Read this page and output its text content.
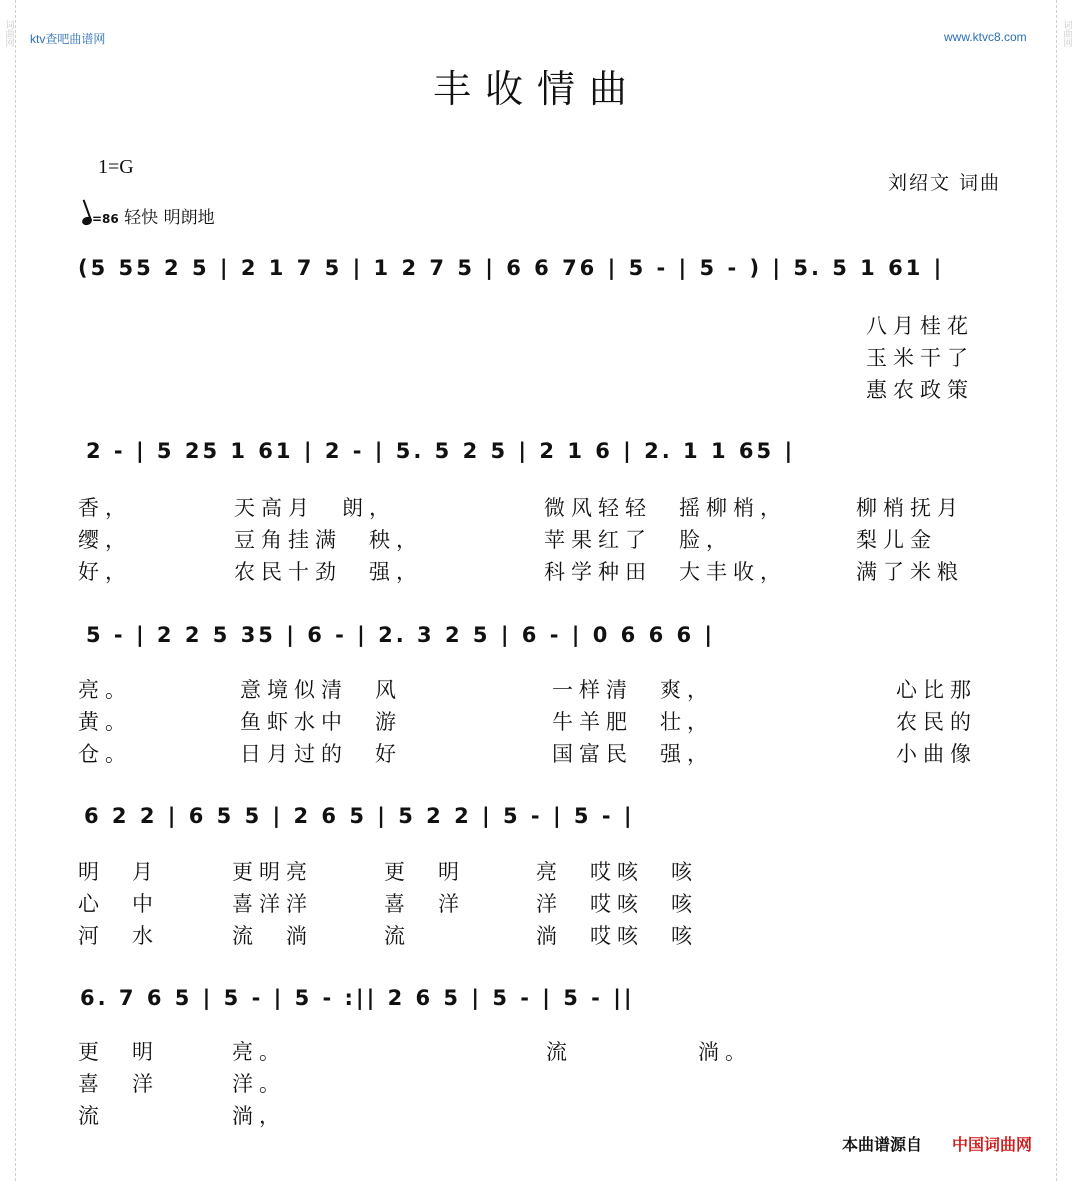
词曲网	词曲网
ktv查吧曲谱网	www.ktvc8.com
丰收情曲
1=G
=86 轻快 明朗地
刘绍文 词曲
(5 55 2 5 | 2 1 7 5 | 1 2 7 5 | 6 6 76 | 5 - | 5 - ) | 5. 5 1 61 |
八月桂花
玉米干了
惠农政策
2 - | 5 25 1 61 | 2 - | 5. 5 2 5 | 2 1 6 | 2. 1 1 65 |
香，	天高月　朗，	微风轻轻　摇柳梢，	柳梢抚月
缨，	豆角挂满　秧，	苹果红了　脸，	梨儿金
好，	农民十劲　强，	科学种田　大丰收，	满了米粮
5 - | 2 2 5 35 | 6 - | 2. 3 2 5 | 6 - | 0 6 6 6 |
亮。	意境似清　风	一样清　爽，	心比那
黄。	鱼虾水中　游	牛羊肥　壮，	农民的
仓。	日月过的　好	国富民　强，	小曲像
6 2 2 | 6 5 5 | 2 6 5 | 5 2 2 | 5 - | 5 - |
明　月	更明亮	更　明	亮　哎咳　咳
心　中	喜洋洋	喜　洋	洋　哎咳　咳
河　水	流　淌	流	淌　哎咳　咳
6. 7 6 5 | 5 - | 5 - :|| 2 6 5 | 5 - | 5 - ||
更　明	亮。	流	淌。
喜　洋	洋。
流	淌，
本曲谱源自 中国词曲网
